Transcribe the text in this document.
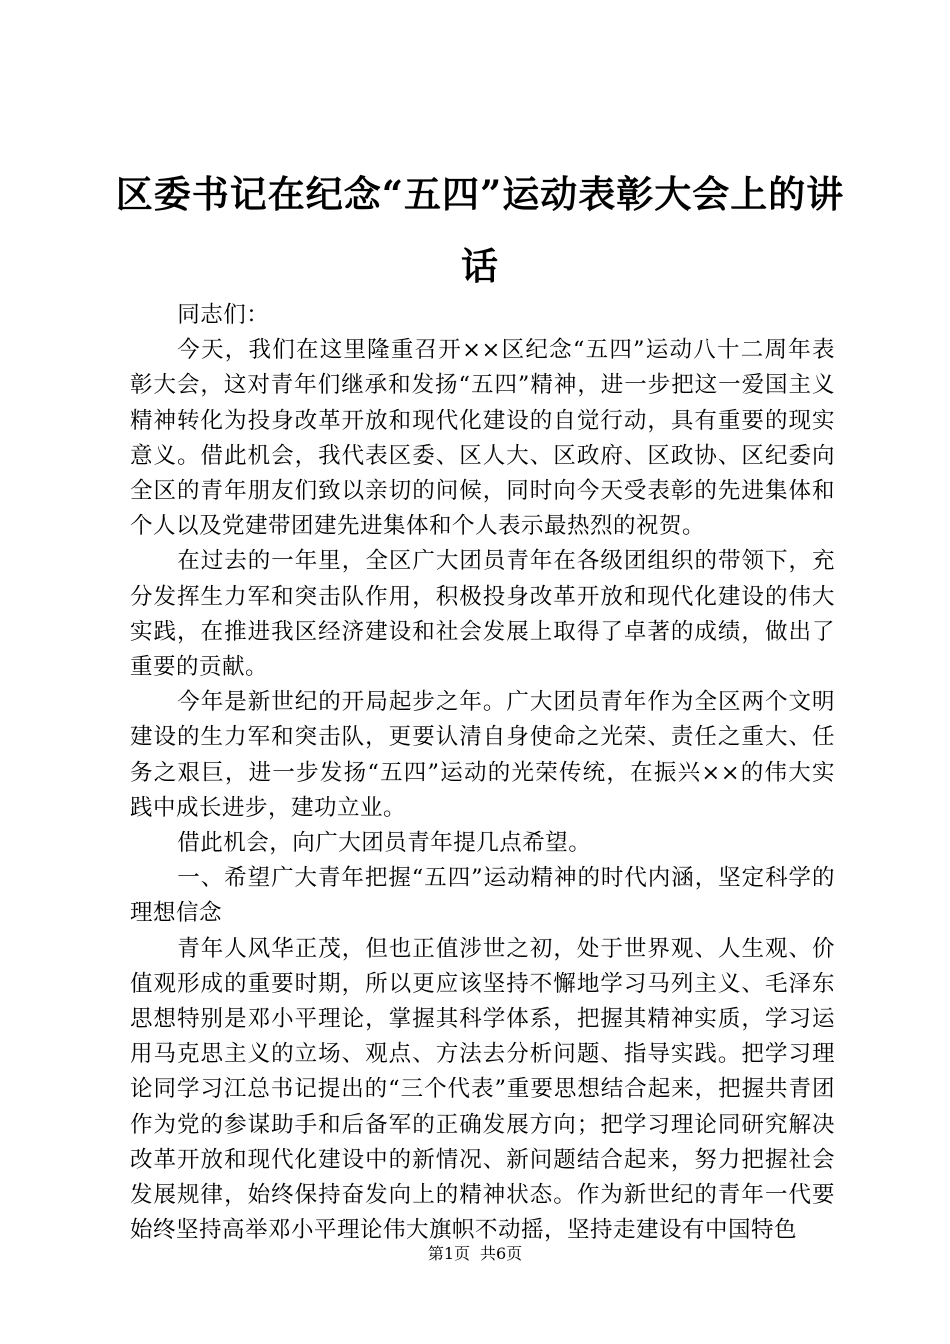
区委书记在纪念“五四”运动表彰大会上的讲话

同志们：

今天，我们在这里隆重召开××区纪念“五四”运动八十二周年表彰大会，这对青年们继承和发扬“五四”精神，进一步把这一爱国主义精神转化为投身改革开放和现代化建设的自觉行动，具有重要的现实意义。借此机会，我代表区委、区人大、区政府、区政协、区纪委向全区的青年朋友们致以亲切的问候，同时向今天受表彰的先进集体和个人以及党建带团建先进集体和个人表示最热烈的祝贺。

在过去的一年里，全区广大团员青年在各级团组织的带领下，充分发挥生力军和突击队作用，积极投身改革开放和现代化建设的伟大实践，在推进我区经济建设和社会发展上取得了卓著的成绩，做出了重要的贡献。

今年是新世纪的开局起步之年。广大团员青年作为全区两个文明建设的生力军和突击队，更要认清自身使命之光荣、责任之重大、任务之艰巨，进一步发扬“五四”运动的光荣传统，在振兴××的伟大实践中成长进步，建功立业。

借此机会，向广大团员青年提几点希望。

一、希望广大青年把握“五四”运动精神的时代内涵，坚定科学的理想信念

青年人风华正茂，但也正值涉世之初，处于世界观、人生观、价值观形成的重要时期，所以更应该坚持不懈地学习马列主义、毛泽东思想特别是邓小平理论，掌握其科学体系，把握其精神实质，学习运用马克思主义的立场、观点、方法去分析问题、指导实践。把学习理论同学习江总书记提出的“三个代表”重要思想结合起来，把握共青团作为党的参谋助手和后备军的正确发展方向；把学习理论同研究解决改革开放和现代化建设中的新情况、新问题结合起来，努力把握社会发展规律，始终保持奋发向上的精神状态。作为新世纪的青年一代要始终坚持高举邓小平理论伟大旗帜不动摇，坚持走建设有中国特色

第1页 共6页
